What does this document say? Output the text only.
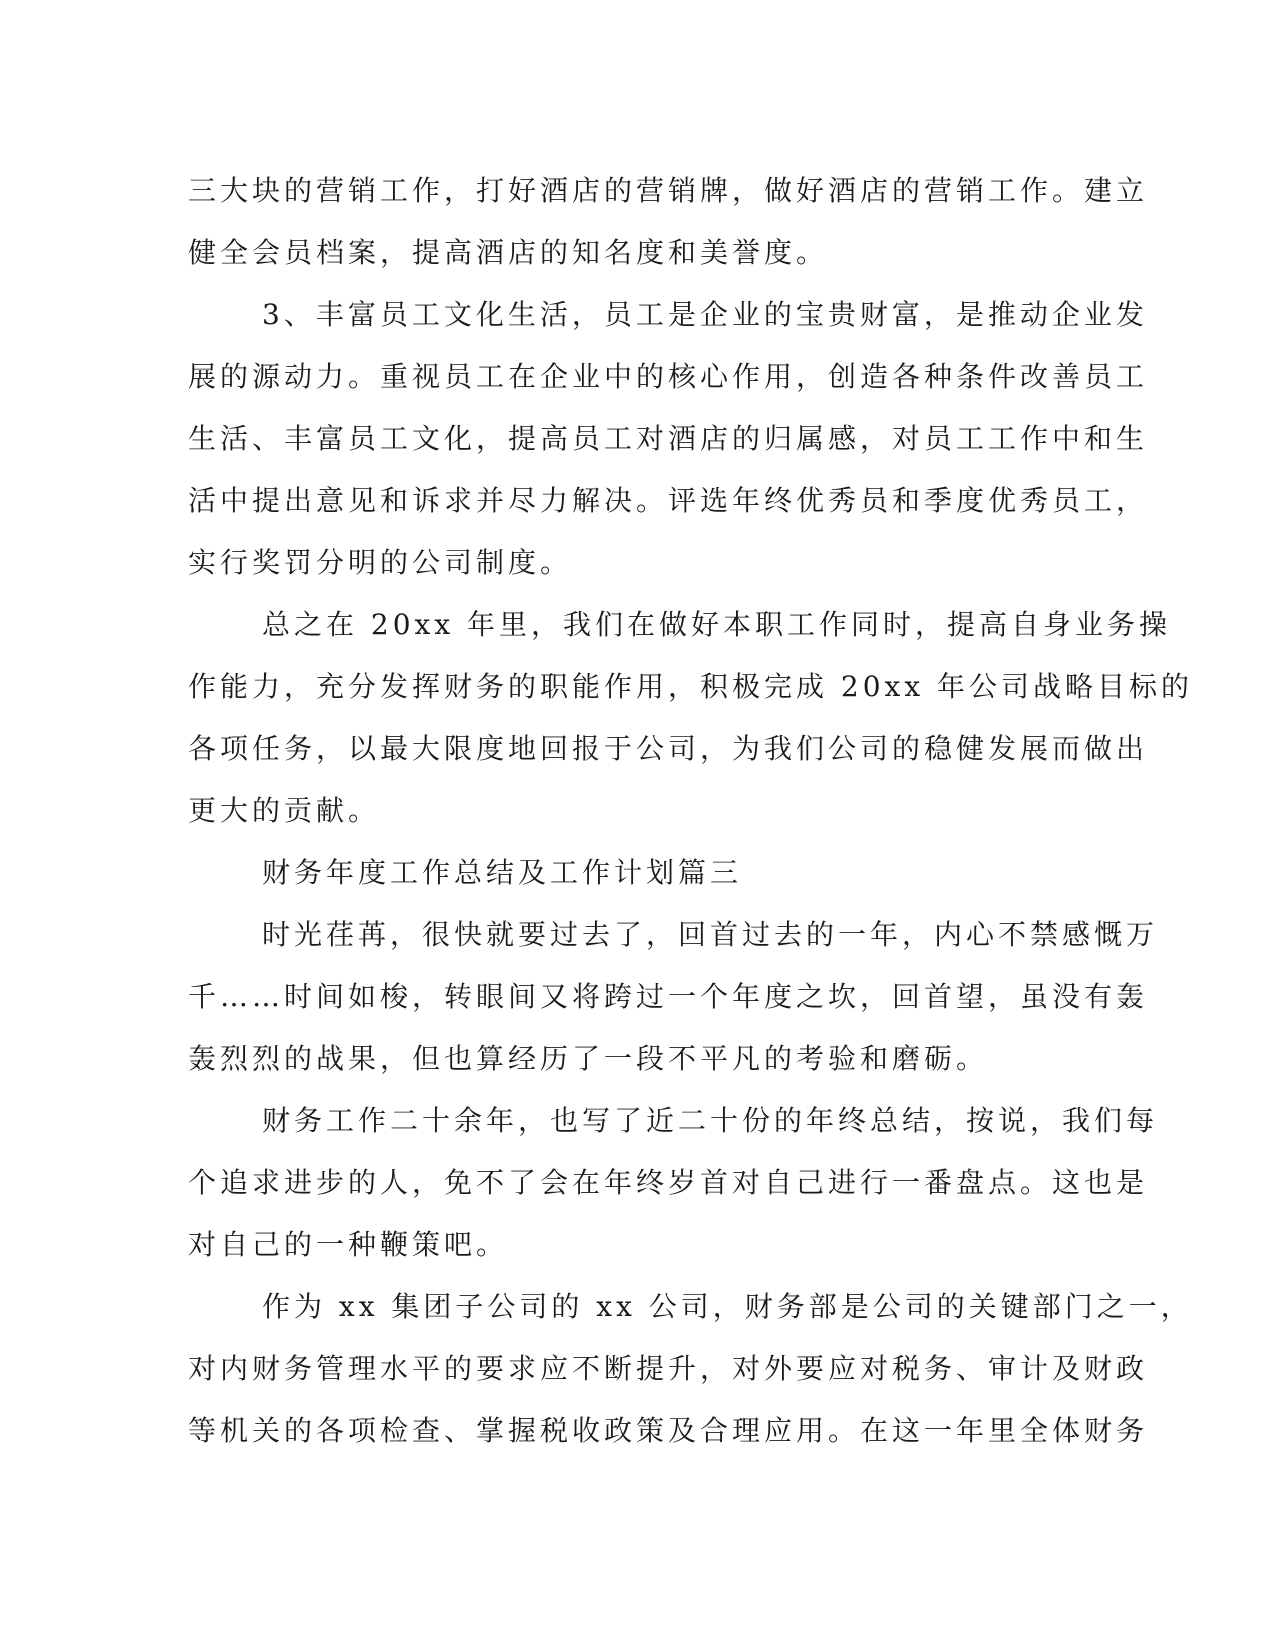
三大块的营销工作，打好酒店的营销牌，做好酒店的营销工作。建立
健全会员档案，提高酒店的知名度和美誉度。
3、丰富员工文化生活，员工是企业的宝贵财富，是推动企业发
展的源动力。重视员工在企业中的核心作用，创造各种条件改善员工
生活、丰富员工文化，提高员工对酒店的归属感，对员工工作中和生
活中提出意见和诉求并尽力解决。评选年终优秀员和季度优秀员工，
实行奖罚分明的公司制度。
总之在 20xx 年里，我们在做好本职工作同时，提高自身业务操
作能力，充分发挥财务的职能作用，积极完成 20xx 年公司战略目标的
各项任务，以最大限度地回报于公司，为我们公司的稳健发展而做出
更大的贡献。
财务年度工作总结及工作计划篇三
时光荏苒，很快就要过去了，回首过去的一年，内心不禁感慨万
千……时间如梭，转眼间又将跨过一个年度之坎，回首望，虽没有轰
轰烈烈的战果，但也算经历了一段不平凡的考验和磨砺。
财务工作二十余年，也写了近二十份的年终总结，按说，我们每
个追求进步的人，免不了会在年终岁首对自己进行一番盘点。这也是
对自己的一种鞭策吧。
作为 xx 集团子公司的 xx 公司，财务部是公司的关键部门之一，
对内财务管理水平的要求应不断提升，对外要应对税务、审计及财政
等机关的各项检查、掌握税收政策及合理应用。在这一年里全体财务
